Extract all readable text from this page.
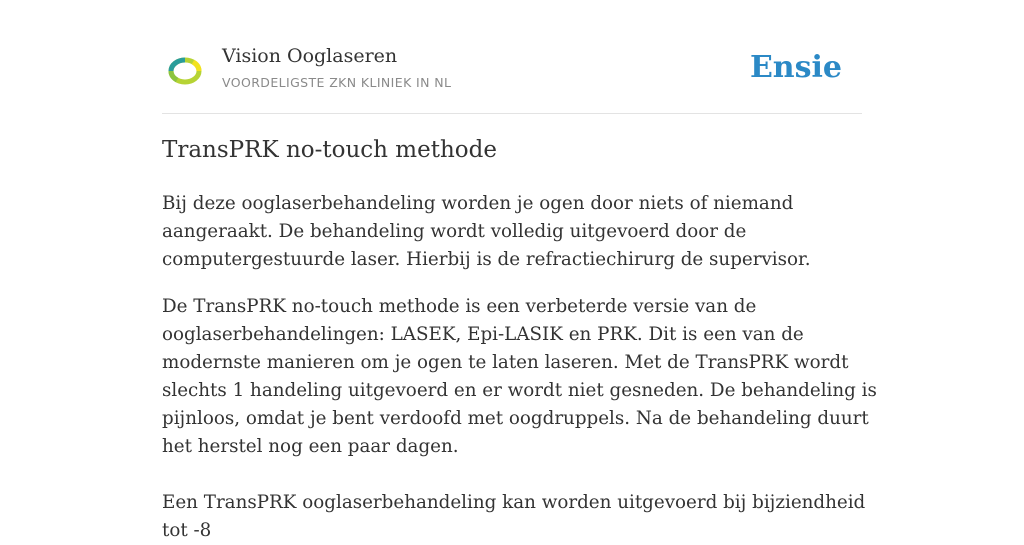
Vision Ooglaseren
VOORDELIGSTE ZKN KLINIEK IN NL	Ensie
TransPRK no-touch methode

Bij deze ooglaserbehandeling worden je ogen door niets of niemand aangeraakt. De behandeling wordt volledig uitgevoerd door de computergestuurde laser. Hierbij is de refractiechirurg de supervisor.

De TransPRK no-touch methode is een verbeterde versie van de ooglaserbehandelingen: LASEK, Epi-LASIK en PRK. Dit is een van de modernste manieren om je ogen te laten laseren. Met de TransPRK wordt slechts 1 handeling uitgevoerd en er wordt niet gesneden. De behandeling is pijnloos, omdat je bent verdoofd met oogdruppels. Na de behandeling duurt het herstel nog een paar dagen.

Een TransPRK ooglaserbehandeling kan worden uitgevoerd bij bijziendheid tot -8
